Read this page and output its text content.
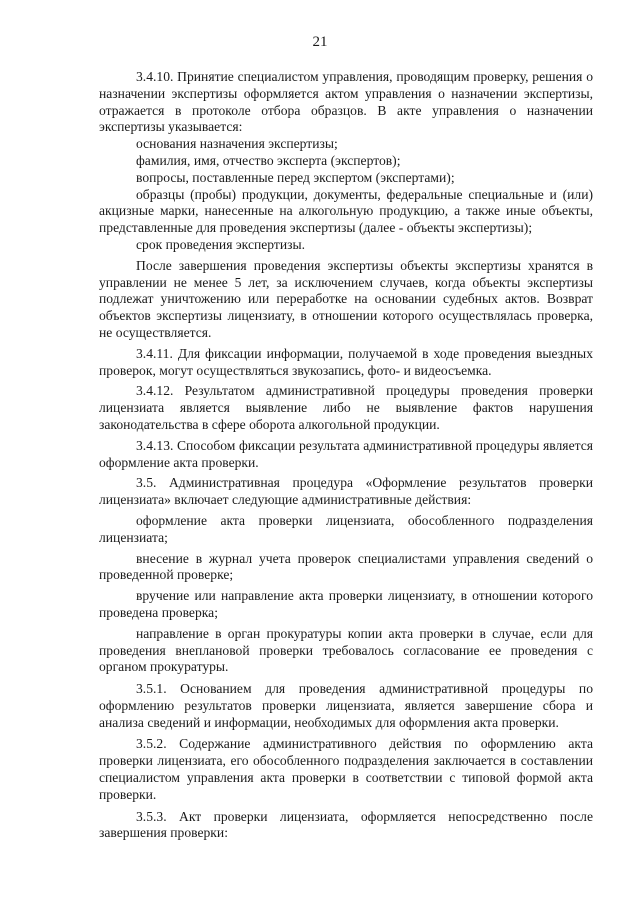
21

3.4.10. Принятие специалистом управления, проводящим проверку, решения о назначении экспертизы оформляется актом управления о назначении экспертизы, отражается в протоколе отбора образцов. В акте управления о назначении экспертизы указывается:

основания назначения экспертизы;

фамилия, имя, отчество эксперта (экспертов);

вопросы, поставленные перед экспертом (экспертами);

образцы (пробы) продукции, документы, федеральные специальные и (или) акцизные марки, нанесенные на алкогольную продукцию, а также иные объекты, представленные для проведения экспертизы (далее - объекты экспертизы);

срок проведения экспертизы.

После завершения проведения экспертизы объекты экспертизы хранятся в управлении не менее 5 лет, за исключением случаев, когда объекты экспертизы подлежат уничтожению или переработке на основании судебных актов. Возврат объектов экспертизы лицензиату, в отношении которого осуществлялась проверка, не осуществляется.

3.4.11. Для фиксации информации, получаемой в ходе проведения выездных проверок, могут осуществляться звукозапись, фото- и видеосъемка.

3.4.12. Результатом административной процедуры проведения проверки лицензиата является выявление либо не выявление фактов нарушения законодательства в сфере оборота алкогольной продукции.

3.4.13. Способом фиксации результата административной процедуры является оформление акта проверки.

3.5. Административная процедура «Оформление результатов проверки лицензиата» включает следующие административные действия:

оформление акта проверки лицензиата, обособленного подразделения лицензиата;

внесение в журнал учета проверок специалистами управления сведений о проведенной проверке;

вручение или направление акта проверки лицензиату, в отношении которого проведена проверка;

направление в орган прокуратуры копии акта проверки в случае, если для проведения внеплановой проверки требовалось согласование ее проведения с органом прокуратуры.

3.5.1. Основанием для проведения административной процедуры по оформлению результатов проверки лицензиата, является завершение сбора и анализа сведений и информации, необходимых для оформления акта проверки.

3.5.2. Содержание административного действия по оформлению акта проверки лицензиата, его обособленного подразделения заключается в составлении специалистом управления акта проверки в соответствии с типовой формой акта проверки.

3.5.3. Акт проверки лицензиата, оформляется непосредственно после завершения проверки:
